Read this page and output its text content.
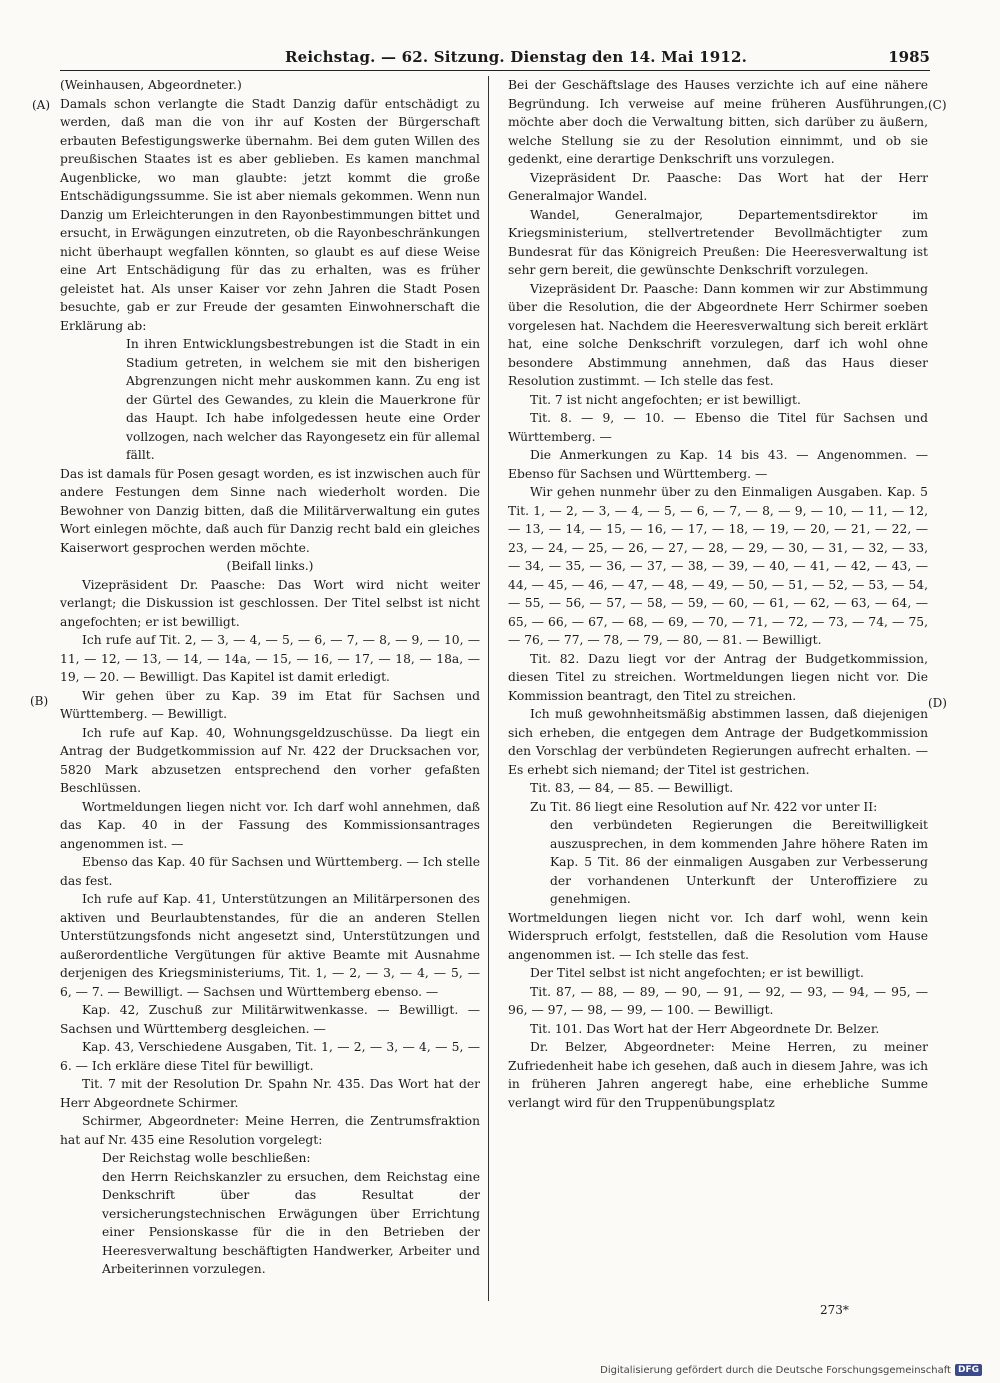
Reichstag. — 62. Sitzung. Dienstag den 14. Mai 1912.	1985
(A)
(B)
(C)
(D)

(Weinhausen, Abgeordneter.)

Damals schon verlangte die Stadt Danzig dafür entschädigt zu werden, daß man die von ihr auf Kosten der Bürgerschaft erbauten Befestigungswerke übernahm. Bei dem guten Willen des preußischen Staates ist es aber geblieben. Es kamen manchmal Augenblicke, wo man glaubte: jetzt kommt die große Entschädigungssumme. Sie ist aber niemals gekommen. Wenn nun Danzig um Erleichterungen in den Rayonbestimmungen bittet und ersucht, in Erwägungen einzutreten, ob die Rayonbeschränkungen nicht überhaupt wegfallen könnten, so glaubt es auf diese Weise eine Art Entschädigung für das zu erhalten, was es früher geleistet hat. Als unser Kaiser vor zehn Jahren die Stadt Posen besuchte, gab er zur Freude der gesamten Einwohnerschaft die Erklärung ab:

In ihren Entwicklungsbestrebungen ist die Stadt in ein Stadium getreten, in welchem sie mit den bisherigen Abgrenzungen nicht mehr auskommen kann. Zu eng ist der Gürtel des Gewandes, zu klein die Mauerkrone für das Haupt. Ich habe infolgedessen heute eine Order vollzogen, nach welcher das Rayongesetz ein für allemal fällt.

Das ist damals für Posen gesagt worden, es ist inzwischen auch für andere Festungen dem Sinne nach wiederholt worden. Die Bewohner von Danzig bitten, daß die Militärverwaltung ein gutes Wort einlegen möchte, daß auch für Danzig recht bald ein gleiches Kaiserwort gesprochen werden möchte.

(Beifall links.)

Vizepräsident Dr. Paasche: Das Wort wird nicht weiter verlangt; die Diskussion ist geschlossen. Der Titel selbst ist nicht angefochten; er ist bewilligt.

Ich rufe auf Tit. 2, — 3, — 4, — 5, — 6, — 7, — 8, — 9, — 10, — 11, — 12, — 13, — 14, — 14a, — 15, — 16, — 17, — 18, — 18a, — 19, — 20. — Bewilligt. Das Kapitel ist damit erledigt.

Wir gehen über zu Kap. 39 im Etat für Sachsen und Württemberg. — Bewilligt.

Ich rufe auf Kap. 40, Wohnungsgeldzuschüsse. Da liegt ein Antrag der Budgetkommission auf Nr. 422 der Drucksachen vor, 5820 Mark abzusetzen entsprechend den vorher gefaßten Beschlüssen.

Wortmeldungen liegen nicht vor. Ich darf wohl annehmen, daß das Kap. 40 in der Fassung des Kommissionsantrages angenommen ist. —

Ebenso das Kap. 40 für Sachsen und Württemberg. — Ich stelle das fest.

Ich rufe auf Kap. 41, Unterstützungen an Militärpersonen des aktiven und Beurlaubtenstandes, für die an anderen Stellen Unterstützungsfonds nicht angesetzt sind, Unterstützungen und außerordentliche Vergütungen für aktive Beamte mit Ausnahme derjenigen des Kriegsministeriums, Tit. 1, — 2, — 3, — 4, — 5, — 6, — 7. — Bewilligt. — Sachsen und Württemberg ebenso. —

Kap. 42, Zuschuß zur Militärwitwenkasse. — Bewilligt. — Sachsen und Württemberg desgleichen. —

Kap. 43, Verschiedene Ausgaben, Tit. 1, — 2, — 3, — 4, — 5, — 6. — Ich erkläre diese Titel für bewilligt.

Tit. 7 mit der Resolution Dr. Spahn Nr. 435. Das Wort hat der Herr Abgeordnete Schirmer.

Schirmer, Abgeordneter: Meine Herren, die Zentrumsfraktion hat auf Nr. 435 eine Resolution vorgelegt:

Der Reichstag wolle beschließen:

den Herrn Reichskanzler zu ersuchen, dem Reichstag eine Denkschrift über das Resultat der versicherungstechnischen Erwägungen über Errichtung einer Pensionskasse für die in den Betrieben der Heeresverwaltung beschäftigten Handwerker, Arbeiter und Arbeiterinnen vorzulegen.

Bei der Geschäftslage des Hauses verzichte ich auf eine nähere Begründung. Ich verweise auf meine früheren Ausführungen, möchte aber doch die Verwaltung bitten, sich darüber zu äußern, welche Stellung sie zu der Resolution einnimmt, und ob sie gedenkt, eine derartige Denkschrift uns vorzulegen.

Vizepräsident Dr. Paasche: Das Wort hat der Herr Generalmajor Wandel.

Wandel, Generalmajor, Departementsdirektor im Kriegsministerium, stellvertretender Bevollmächtigter zum Bundesrat für das Königreich Preußen: Die Heeresverwaltung ist sehr gern bereit, die gewünschte Denkschrift vorzulegen.

Vizepräsident Dr. Paasche: Dann kommen wir zur Abstimmung über die Resolution, die der Abgeordnete Herr Schirmer soeben vorgelesen hat. Nachdem die Heeresverwaltung sich bereit erklärt hat, eine solche Denkschrift vorzulegen, darf ich wohl ohne besondere Abstimmung annehmen, daß das Haus dieser Resolution zustimmt. — Ich stelle das fest.

Tit. 7 ist nicht angefochten; er ist bewilligt.

Tit. 8. — 9, — 10. — Ebenso die Titel für Sachsen und Württemberg. —

Die Anmerkungen zu Kap. 14 bis 43. — Angenommen. — Ebenso für Sachsen und Württemberg. —

Wir gehen nunmehr über zu den Einmaligen Ausgaben. Kap. 5 Tit. 1, — 2, — 3, — 4, — 5, — 6, — 7, — 8, — 9, — 10, — 11, — 12, — 13, — 14, — 15, — 16, — 17, — 18, — 19, — 20, — 21, — 22, — 23, — 24, — 25, — 26, — 27, — 28, — 29, — 30, — 31, — 32, — 33, — 34, — 35, — 36, — 37, — 38, — 39, — 40, — 41, — 42, — 43, — 44, — 45, — 46, — 47, — 48, — 49, — 50, — 51, — 52, — 53, — 54, — 55, — 56, — 57, — 58, — 59, — 60, — 61, — 62, — 63, — 64, — 65, — 66, — 67, — 68, — 69, — 70, — 71, — 72, — 73, — 74, — 75, — 76, — 77, — 78, — 79, — 80, — 81. — Bewilligt.

Tit. 82. Dazu liegt vor der Antrag der Budgetkommission, diesen Titel zu streichen. Wortmeldungen liegen nicht vor. Die Kommission beantragt, den Titel zu streichen.

Ich muß gewohnheitsmäßig abstimmen lassen, daß diejenigen sich erheben, die entgegen dem Antrage der Budgetkommission den Vorschlag der verbündeten Regierungen aufrecht erhalten. — Es erhebt sich niemand; der Titel ist gestrichen.

Tit. 83, — 84, — 85. — Bewilligt.

Zu Tit. 86 liegt eine Resolution auf Nr. 422 vor unter II:

den verbündeten Regierungen die Bereitwilligkeit auszusprechen, in dem kommenden Jahre höhere Raten im Kap. 5 Tit. 86 der einmaligen Ausgaben zur Verbesserung der vorhandenen Unterkunft der Unteroffiziere zu genehmigen.

Wortmeldungen liegen nicht vor. Ich darf wohl, wenn kein Widerspruch erfolgt, feststellen, daß die Resolution vom Hause angenommen ist. — Ich stelle das fest.

Der Titel selbst ist nicht angefochten; er ist bewilligt.

Tit. 87, — 88, — 89, — 90, — 91, — 92, — 93, — 94, — 95, — 96, — 97, — 98, — 99, — 100. — Bewilligt.

Tit. 101. Das Wort hat der Herr Abgeordnete Dr. Belzer.

Dr. Belzer, Abgeordneter: Meine Herren, zu meiner Zufriedenheit habe ich gesehen, daß auch in diesem Jahre, was ich in früheren Jahren angeregt habe, eine erhebliche Summe verlangt wird für den Truppenübungsplatz

273*
Digitalisierung gefördert durch die Deutsche Forschungsgemeinschaft DFG
